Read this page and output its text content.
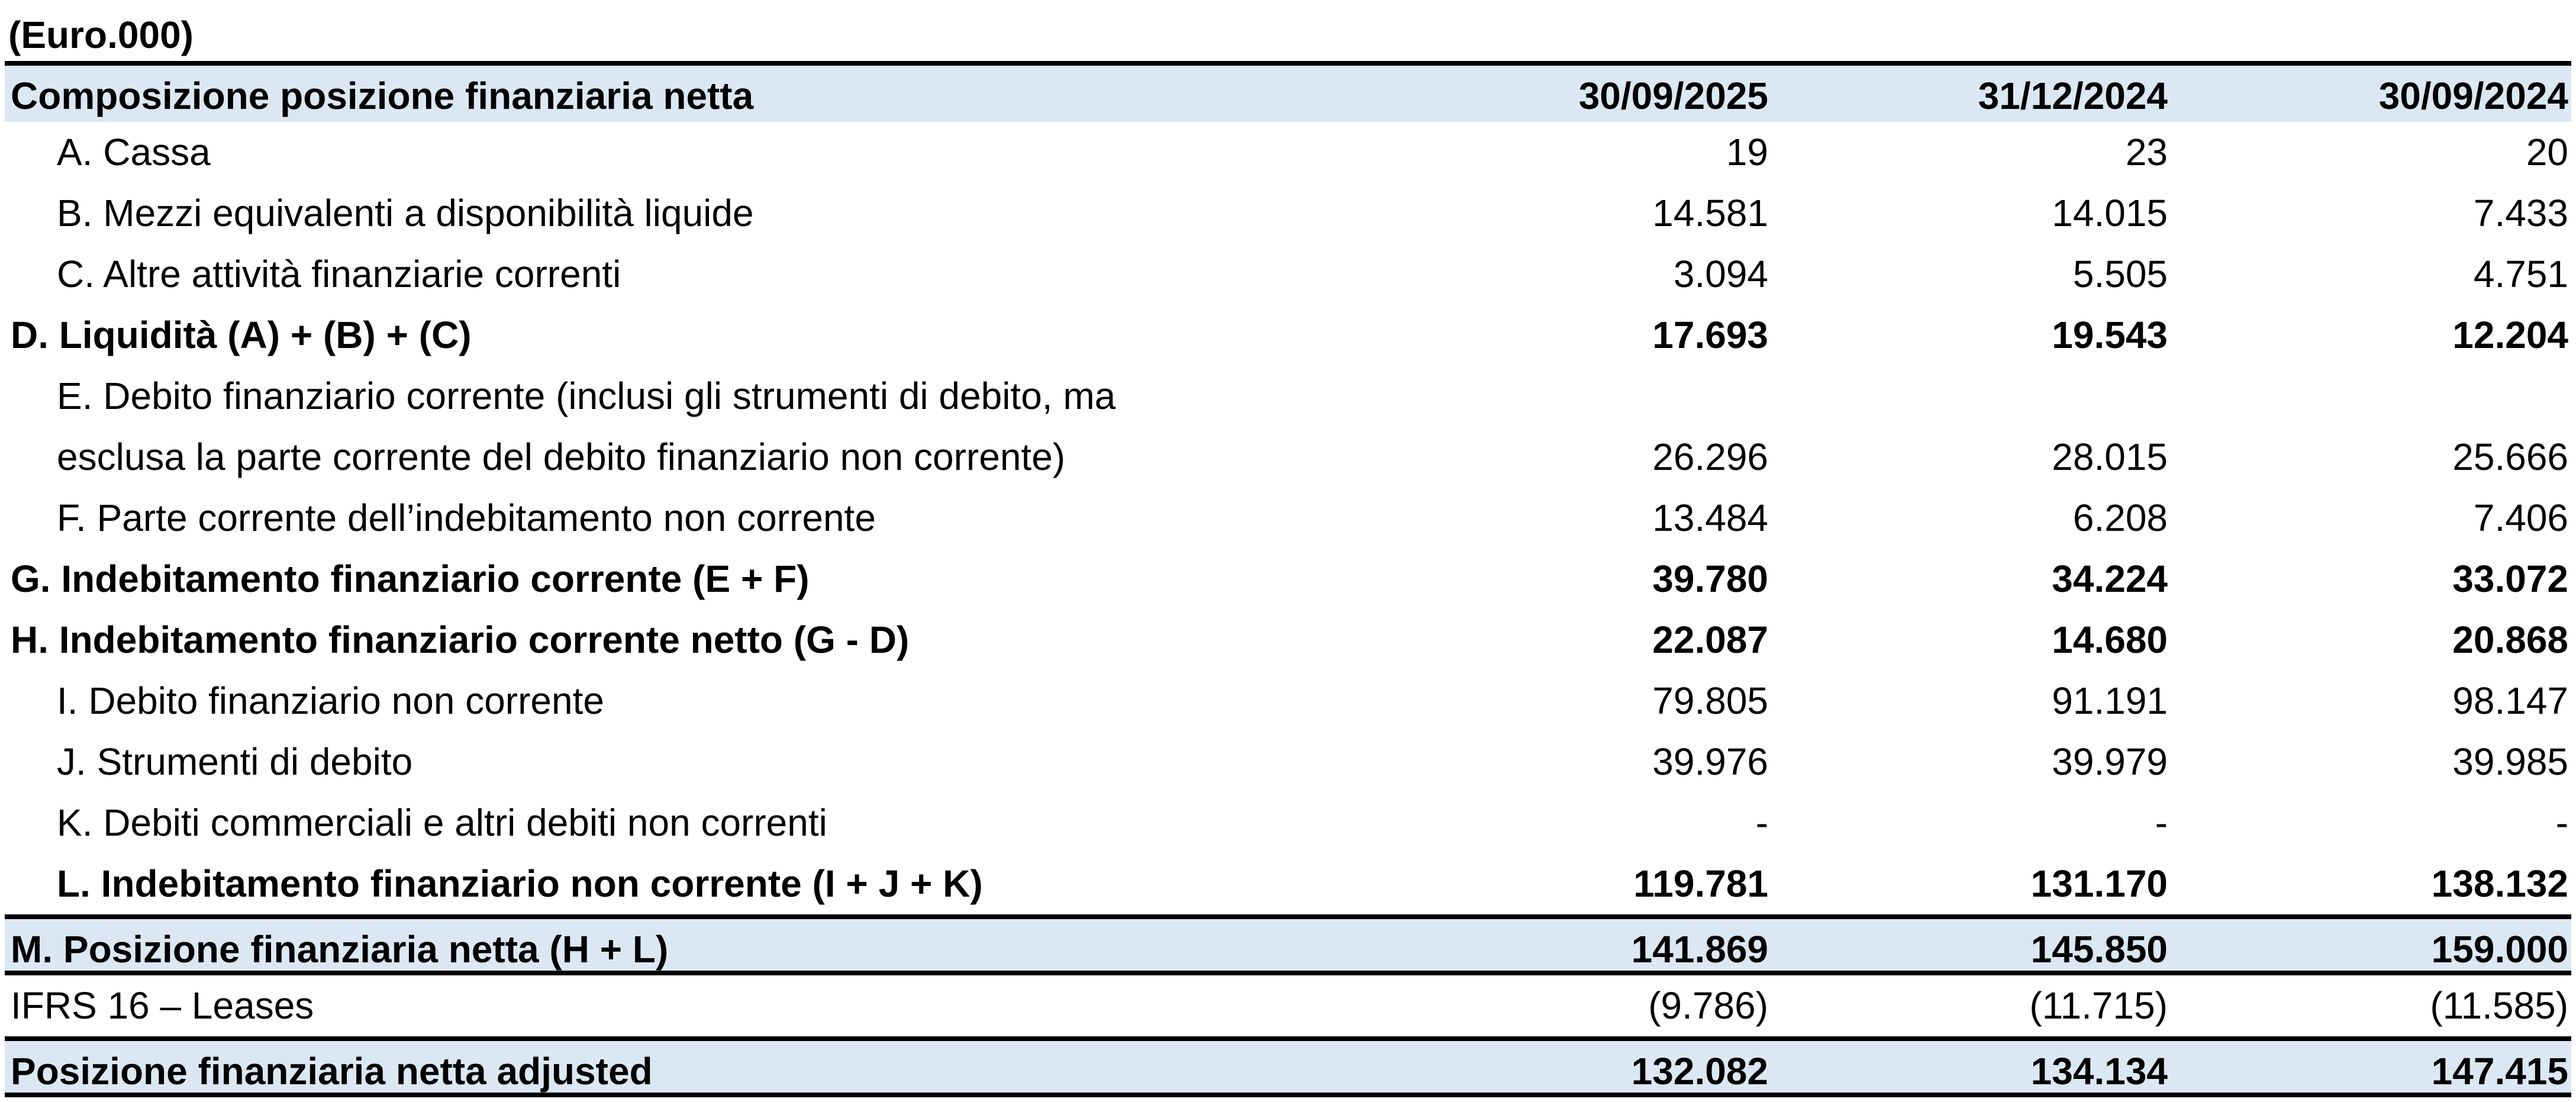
(Euro.000)
Composizione posizione finanziaria netta	30/09/2025	31/12/2024	30/09/2024
A. Cassa	19	23	20
B. Mezzi equivalenti a disponibilità liquide	14.581	14.015	7.433
C. Altre attività finanziarie correnti	3.094	5.505	4.751
D. Liquidità (A) + (B) + (C)	17.693	19.543	12.204
E. Debito finanziario corrente (inclusi gli strumenti di debito, ma
esclusa la parte corrente del debito finanziario non corrente)	26.296	28.015	25.666
F. Parte corrente dell’indebitamento non corrente	13.484	6.208	7.406
G. Indebitamento finanziario corrente (E + F)	39.780	34.224	33.072
H. Indebitamento finanziario corrente netto (G - D)	22.087	14.680	20.868
I. Debito finanziario non corrente	79.805	91.191	98.147
J. Strumenti di debito	39.976	39.979	39.985
K. Debiti commerciali e altri debiti non correnti	-	-	-
L. Indebitamento finanziario non corrente (I + J + K)	119.781	131.170	138.132
M. Posizione finanziaria netta (H + L)	141.869	145.850	159.000
IFRS 16 – Leases	(9.786)	(11.715)	(11.585)
Posizione finanziaria netta adjusted	132.082	134.134	147.415
